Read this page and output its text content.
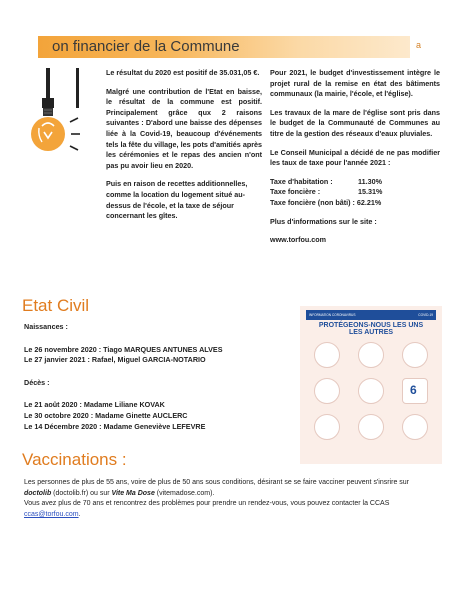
on financier de la Commune	a

Le résultat du 2020 est positif de 35.031,05 €.

Malgré une contribution de l'Etat en baisse, le résultat de la commune est positif. Principalement grâce qux 2 raisons suivantes : D'abord une baisse des dépenses liée à la Covid-19, beaucoup d'événements tels la fête du village, les pots d'amitiés après les cérémonies et le repas des ancien n'ont pas pu avoir lieu en 2020.

Puis en raison de recettes additionnelles, comme la location du logement situé au-dessus de l'école, et la taxe de séjour concernant les gîtes.

Pour 2021, le budget d'investissement intègre le projet rural de la remise en état des bâtiments communaux (la mairie, l'école, et l'église).

Les travaux de la mare de l'église sont pris dans le budget de la Communauté de Communes au titre de la gestion des réseaux d'eaux pluviales.

Le Conseil Municipal a décidé de ne pas modifier les taux de taxe pour l'année 2021 :

Taxe d'habitation :	11.30%
Taxe foncière :	15.31%
Taxe foncière (non bâti) : 62.21%

Plus d'informations sur le site :

www.torfou.com

Etat Civil

Naissances :

Le 26 novembre 2020 : Tiago MARQUES ANTUNES ALVES

Le 27 janvier 2021 : Rafael, Miguel GARCIA-NOTARIO

Décès :

Le 21 août 2020 : Madame Liliane KOVAK

Le 30 octobre 2020 : Madame Ginette AUCLERC

Le 14 Décembre 2020 : Madame Geneviève LEFEVRE

INFORMATION CORONAVIRUS	COVID-19
PROTÉGEONS-NOUS LES UNS LES AUTRES
6
Vaccinations :
Les personnes de plus de 55 ans, voire de plus de 50 ans sous conditions, désirant se se faire vacciner peuvent s'insrire sur
doctolib (doctolib.fr) ou sur Vite Ma Dose (vitemadose.com).
Vous avez plus de 70 ans et rencontrez des problèmes pour prendre un rendez-vous, vous pouvez contacter la CCAS
ccas@torfou.com.
